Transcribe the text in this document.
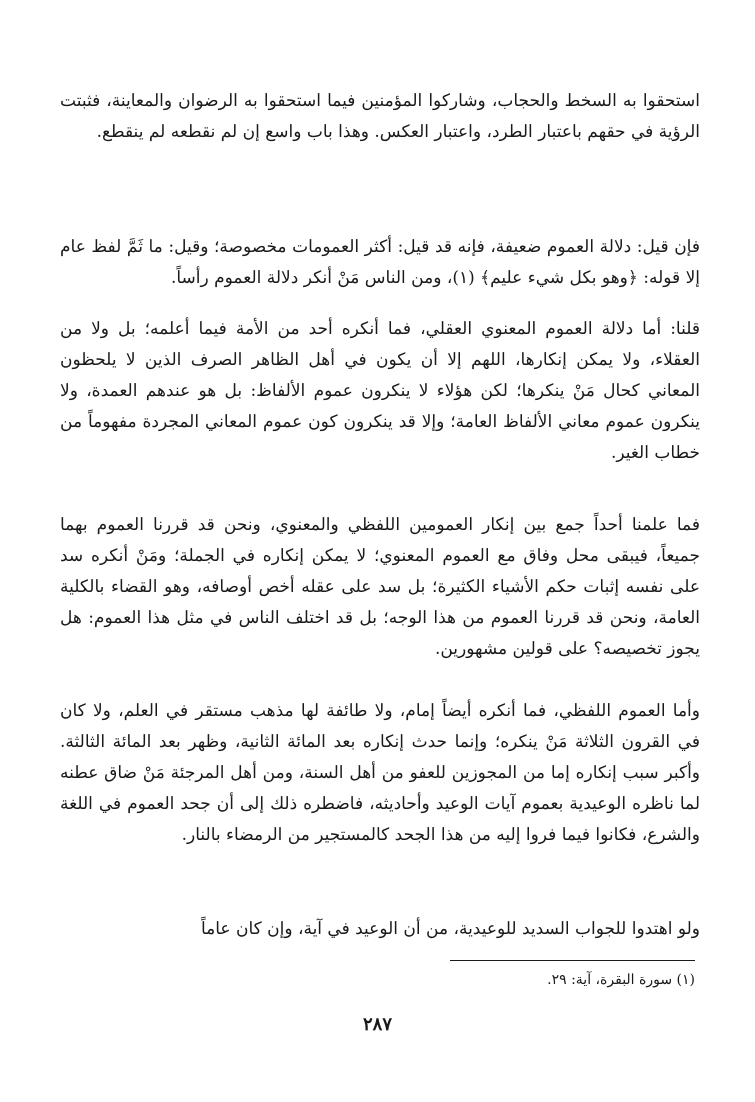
استحقوا به السخط والحجاب، وشاركوا المؤمنين فيما استحقوا به الرضوان والمعاينة، فثبتت الرؤية في حقهم باعتبار الطرد، واعتبار العكس. وهذا باب واسع إن لم نقطعه لم ينقطع.

فإن قيل: دلالة العموم ضعيفة، فإنه قد قيل: أكثر العمومات مخصوصة؛ وقيل: ما ثَمَّ لفظ عام إلا قوله: ﴿وهو بكل شيء عليم﴾ (١)، ومن الناس مَنْ أنكر دلالة العموم رأساً.

قلنا: أما دلالة العموم المعنوي العقلي، فما أنكره أحد من الأمة فيما أعلمه؛ بل ولا من العقلاء، ولا يمكن إنكارها، اللهم إلا أن يكون في أهل الظاهر الصرف الذين لا يلحظون المعاني كحال مَنْ ينكرها؛ لكن هؤلاء لا ينكرون عموم الألفاظ: بل هو عندهم العمدة، ولا ينكرون عموم معاني الألفاظ العامة؛ وإلا قد ينكرون كون عموم المعاني المجردة مفهوماً من خطاب الغير.

فما علمنا أحداً جمع بين إنكار العمومين اللفظي والمعنوي، ونحن قد قررنا العموم بهما جميعاً، فيبقى محل وفاق مع العموم المعنوي؛ لا يمكن إنكاره في الجملة؛ ومَنْ أنكره سد على نفسه إثبات حكم الأشياء الكثيرة؛ بل سد على عقله أخص أوصافه، وهو القضاء بالكلية العامة، ونحن قد قررنا العموم من هذا الوجه؛ بل قد اختلف الناس في مثل هذا العموم: هل يجوز تخصيصه؟ على قولين مشهورين.

وأما العموم اللفظي، فما أنكره أيضاً إمام، ولا طائفة لها مذهب مستقر في العلم، ولا كان في القرون الثلاثة مَنْ ينكره؛ وإنما حدث إنكاره بعد المائة الثانية، وظهر بعد المائة الثالثة. وأكبر سبب إنكاره إما من المجوزين للعفو من أهل السنة، ومن أهل المرجئة مَنْ ضاق عطنه لما ناظره الوعيدية بعموم آيات الوعيد وأحاديثه، فاضطره ذلك إلى أن جحد العموم في اللغة والشرع، فكانوا فيما فروا إليه من هذا الجحد كالمستجير من الرمضاء بالنار.

ولو اهتدوا للجواب السديد للوعيدية، من أن الوعيد في آية، وإن كان عاماً

(١) سورة البقرة، آية: ٢٩.

٢٨٧
